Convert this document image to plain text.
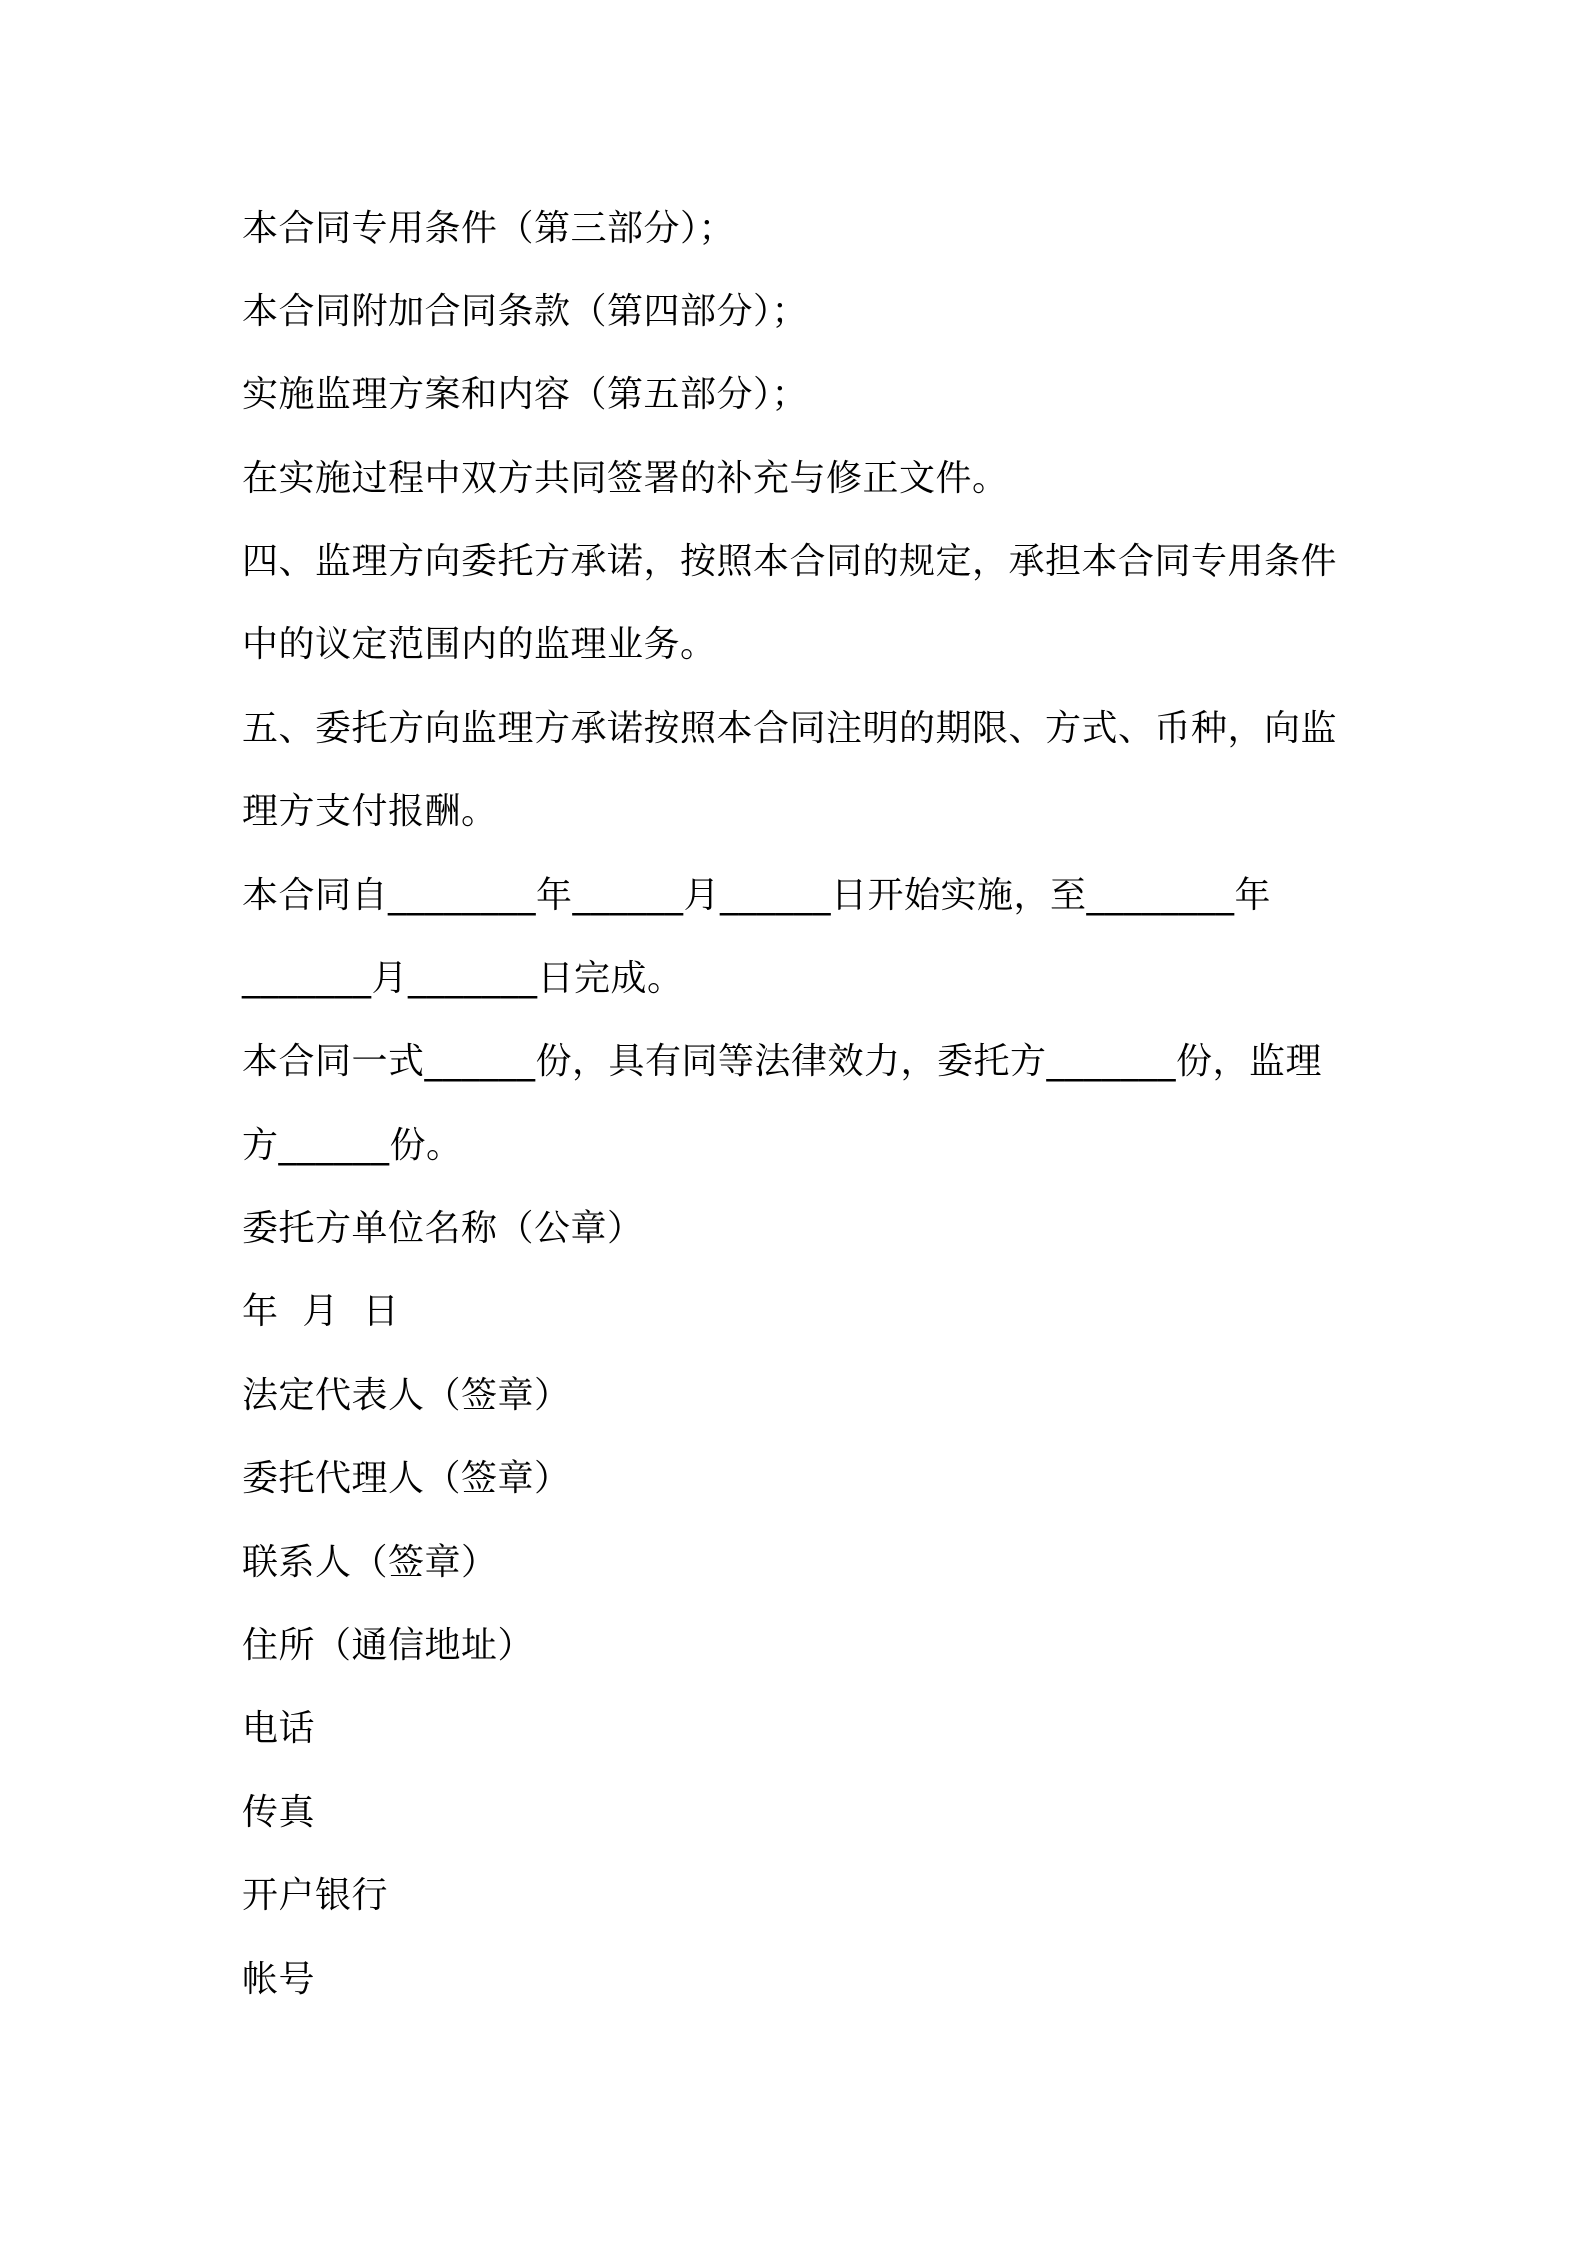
本合同专用条件（第三部分）；
本合同附加合同条款（第四部分）；
实施监理方案和内容（第五部分）；
在实施过程中双方共同签署的补充与修正文件。
四、监理方向委托方承诺，按照本合同的规定，承担本合同专用条件
中的议定范围内的监理业务。
五、委托方向监理方承诺按照本合同注明的期限、方式、币种，向监
理方支付报酬。
本合同自________年______月______日开始实施，至________年
_______月_______日完成。
本合同一式______份，具有同等法律效力，委托方_______份，监理
方______份。
委托方单位名称（公章）
年  月  日
法定代表人（签章）
委托代理人（签章）
联系人（签章）
住所（通信地址）
电话
传真
开户银行
帐号
